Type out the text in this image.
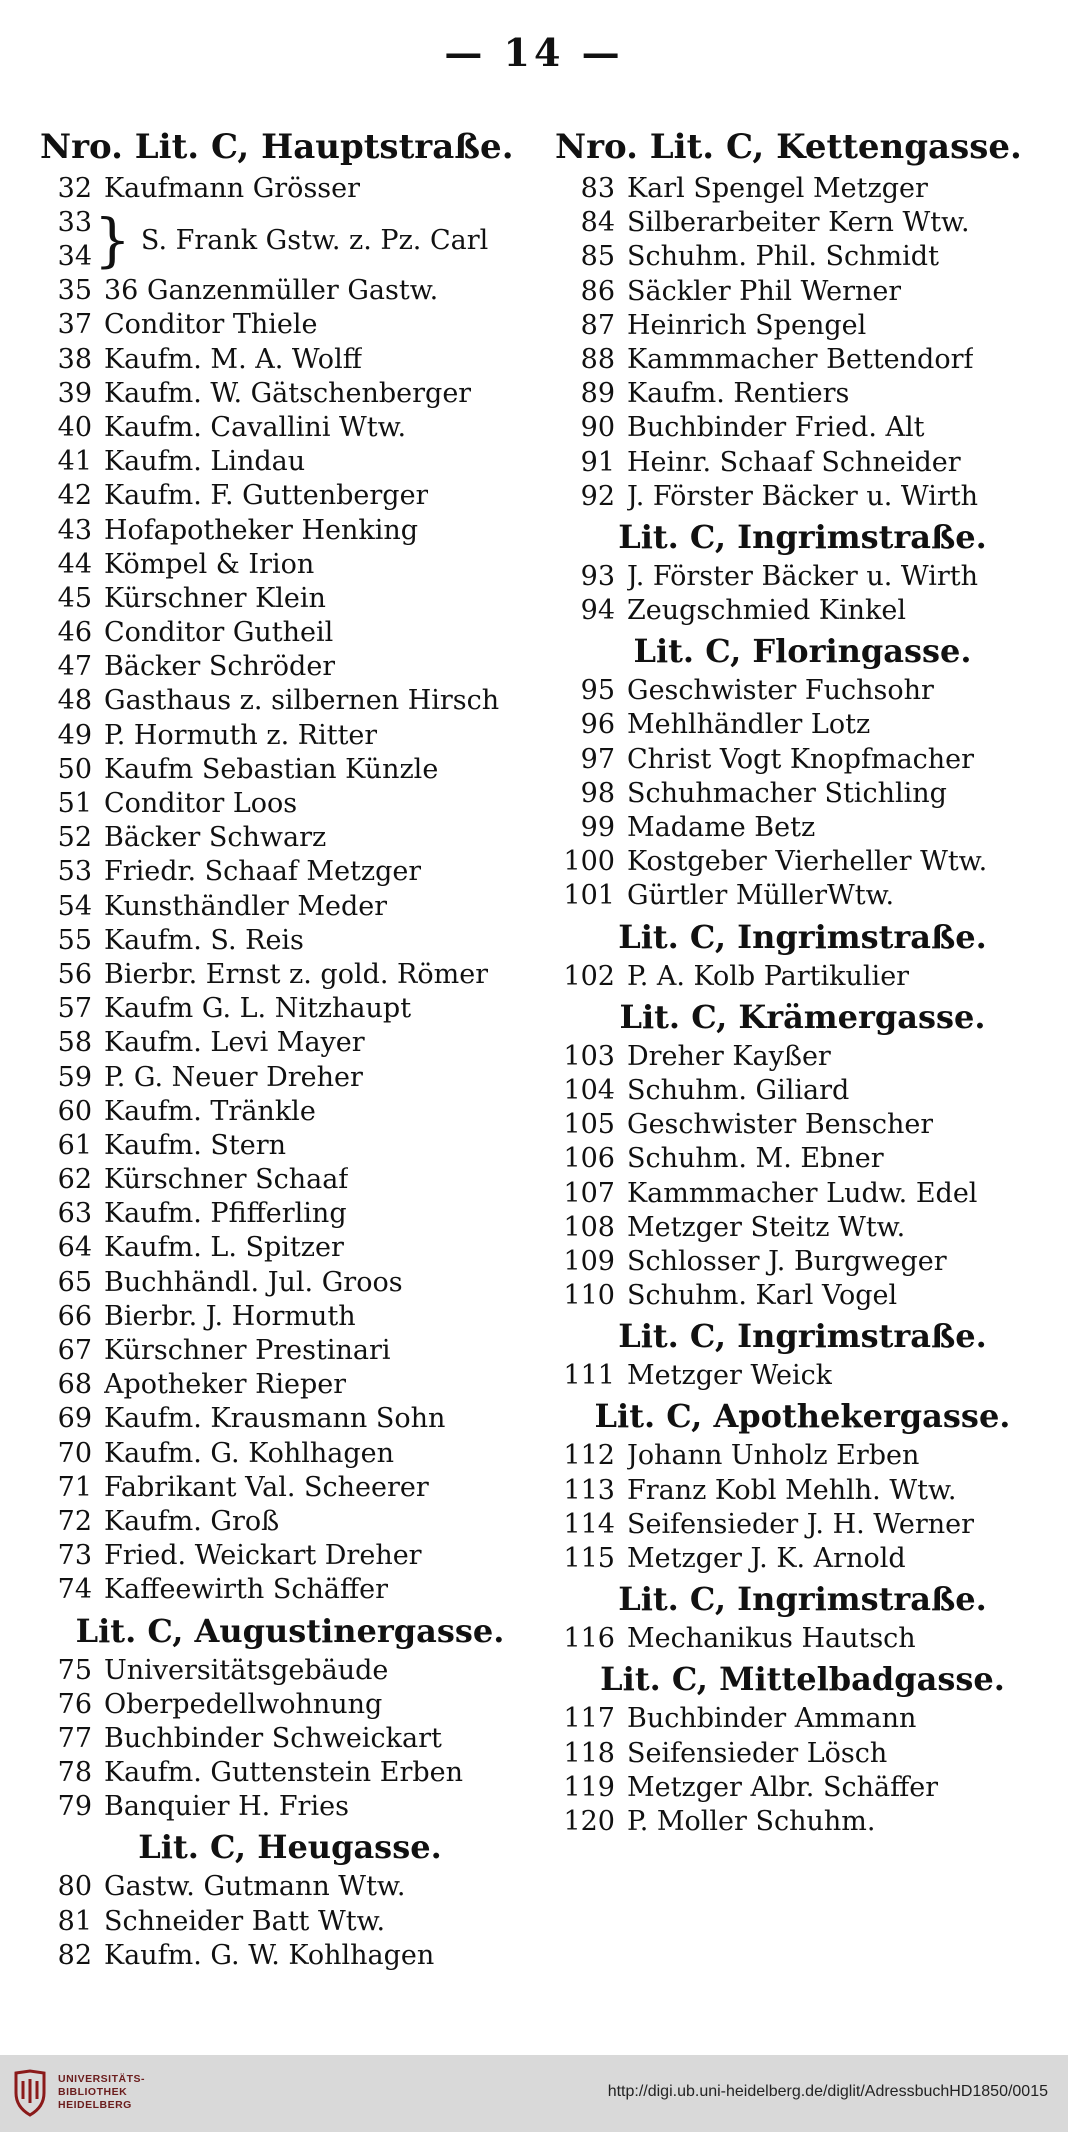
— 14 —
Nro. Lit. C, Hauptstraße.
32 Kaufmann Grösser
33
34 } S. Frank Gstw. z. Pz. Carl
35 36 Ganzenmüller Gastw.
37 Conditor Thiele
38 Kaufm. M. A. Wolff
39 Kaufm. W. Gätschenberger
40 Kaufm. Cavallini Wtw.
41 Kaufm. Lindau
42 Kaufm. F. Guttenberger
43 Hofapotheker Henking
44 Kömpel & Irion
45 Kürschner Klein
46 Conditor Gutheil
47 Bäcker Schröder
48 Gasthaus z. silbernen Hirsch
49 P. Hormuth z. Ritter
50 Kaufm Sebastian Künzle
51 Conditor Loos
52 Bäcker Schwarz
53 Friedr. Schaaf Metzger
54 Kunsthändler Meder
55 Kaufm. S. Reis
56 Bierbr. Ernst z. gold. Römer
57 Kaufm G. L. Nitzhaupt
58 Kaufm. Levi Mayer
59 P. G. Neuer Dreher
60 Kaufm. Tränkle
61 Kaufm. Stern
62 Kürschner Schaaf
63 Kaufm. Pfifferling
64 Kaufm. L. Spitzer
65 Buchhändl. Jul. Groos
66 Bierbr. J. Hormuth
67 Kürschner Prestinari
68 Apotheker Rieper
69 Kaufm. Krausmann Sohn
70 Kaufm. G. Kohlhagen
71 Fabrikant Val. Scheerer
72 Kaufm. Groß
73 Fried. Weickart Dreher
74 Kaffeewirth Schäffer
Lit. C, Augustinergasse.
75 Universitätsgebäude
76 Oberpedellwohnung
77 Buchbinder Schweickart
78 Kaufm. Guttenstein Erben
79 Banquier H. Fries
Lit. C, Heugasse.
80 Gastw. Gutmann Wtw.
81 Schneider Batt Wtw.
82 Kaufm. G. W. Kohlhagen
Nro. Lit. C, Kettengasse.
83 Karl Spengel Metzger
84 Silberarbeiter Kern Wtw.
85 Schuhm. Phil. Schmidt
86 Säckler Phil Werner
87 Heinrich Spengel
88 Kammmacher Bettendorf
89 Kaufm. Rentiers
90 Buchbinder Fried. Alt
91 Heinr. Schaaf Schneider
92 J. Förster Bäcker u. Wirth
Lit. C, Ingrimstraße.
93 J. Förster Bäcker u. Wirth
94 Zeugschmied Kinkel
Lit. C, Floringasse.
95 Geschwister Fuchsohr
96 Mehlhändler Lotz
97 Christ Vogt Knopfmacher
98 Schuhmacher Stichling
99 Madame Betz
100 Kostgeber Vierheller Wtw.
101 Gürtler MüllerWtw.
Lit. C, Ingrimstraße.
102 P. A. Kolb Partikulier
Lit. C, Krämergasse.
103 Dreher Kayßer
104 Schuhm. Giliard
105 Geschwister Benscher
106 Schuhm. M. Ebner
107 Kammmacher Ludw. Edel
108 Metzger Steitz Wtw.
109 Schlosser J. Burgweger
110 Schuhm. Karl Vogel
Lit. C, Ingrimstraße.
111 Metzger Weick
Lit. C, Apothekergasse.
112 Johann Unholz Erben
113 Franz Kobl Mehlh. Wtw.
114 Seifensieder J. H. Werner
115 Metzger J. K. Arnold
Lit. C, Ingrimstraße.
116 Mechanikus Hautsch
Lit. C, Mittelbadgasse.
117 Buchbinder Ammann
118 Seifensieder Lösch
119 Metzger Albr. Schäffer
120 P. Moller Schuhm.
UNIVERSITÄTS-
BIBLIOTHEK
HEIDELBERG
http://digi.ub.uni-heidelberg.de/diglit/AdressbuchHD1850/0015
